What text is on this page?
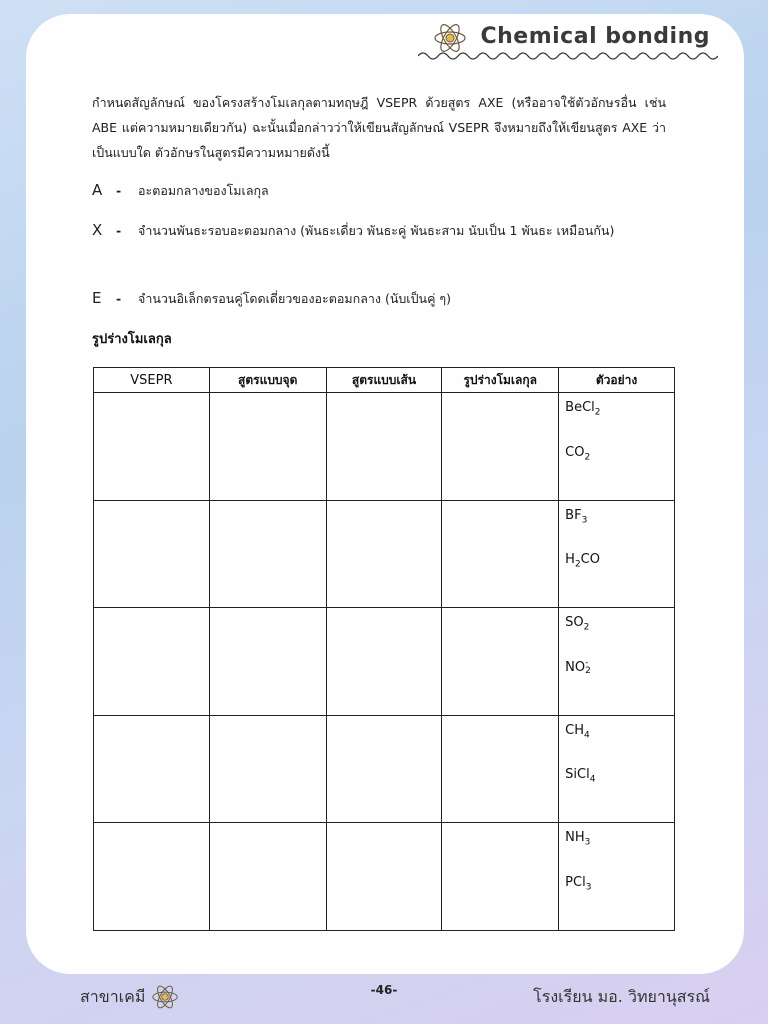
Chemical bonding

กำหนดสัญลักษณ์ ของโครงสร้างโมเลกุลตามทฤษฎี VSEPR ด้วยสูตร AXE (หรืออาจใช้ตัวอักษรอื่น เช่น ABE แต่ความหมายเดียวกัน) ฉะนั้นเมื่อกล่าวว่าให้เขียนสัญลักษณ์ VSEPR จึงหมายถึงให้เขียนสูตร AXE ว่าเป็นแบบใด ตัวอักษรในสูตรมีความหมายดังนี้

A - อะตอมกลางของโมเลกุล
X - จำนวนพันธะรอบอะตอมกลาง (พันธะเดี่ยว พันธะคู่ พันธะสาม นับเป็น 1 พันธะ เหมือนกัน)
E - จำนวนอิเล็กตรอนคู่โดดเดี่ยวของอะตอมกลาง (นับเป็นคู่ ๆ)
รูปร่างโมเลกุล
VSEPR	สูตรแบบจุด	สูตรแบบเส้น	รูปร่างโมเลกุล	ตัวอย่าง

				BeCl$_2$
$CO_2$

				$BF_3$
$H_2CO$

				$SO_2$
NO -
2

				$CH_4$
SiCl$_4$

				$NH_3$
PCl$_3$
สาขาเคมี	-46-	โรงเรียน มอ. วิทยานุสรณ์
